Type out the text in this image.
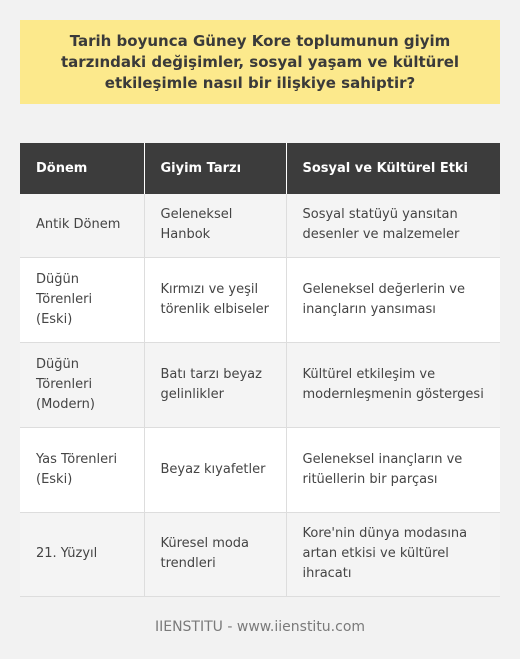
Tarih boyunca Güney Kore toplumunun giyim tarzındaki değişimler, sosyal yaşam ve kültürel etkileşimle nasıl bir ilişkiye sahiptir?
Dönem	Giyim Tarzı	Sosyal ve Kültürel Etki
Antik Dönem	Geleneksel Hanbok	Sosyal statüyü yansıtan desenler ve malzemeler
Düğün Törenleri (Eski)	Kırmızı ve yeşil törenlik elbiseler	Geleneksel değerlerin ve inançların yansıması
Düğün Törenleri (Modern)	Batı tarzı beyaz gelinlikler	Kültürel etkileşim ve modernleşmenin göstergesi
Yas Törenleri (Eski)	Beyaz kıyafetler	Geleneksel inançların ve ritüellerin bir parçası
21. Yüzyıl	Küresel moda trendleri	Kore'nin dünya modasına artan etkisi ve kültürel ihracatı
IIENSTITU - www.iienstitu.com
